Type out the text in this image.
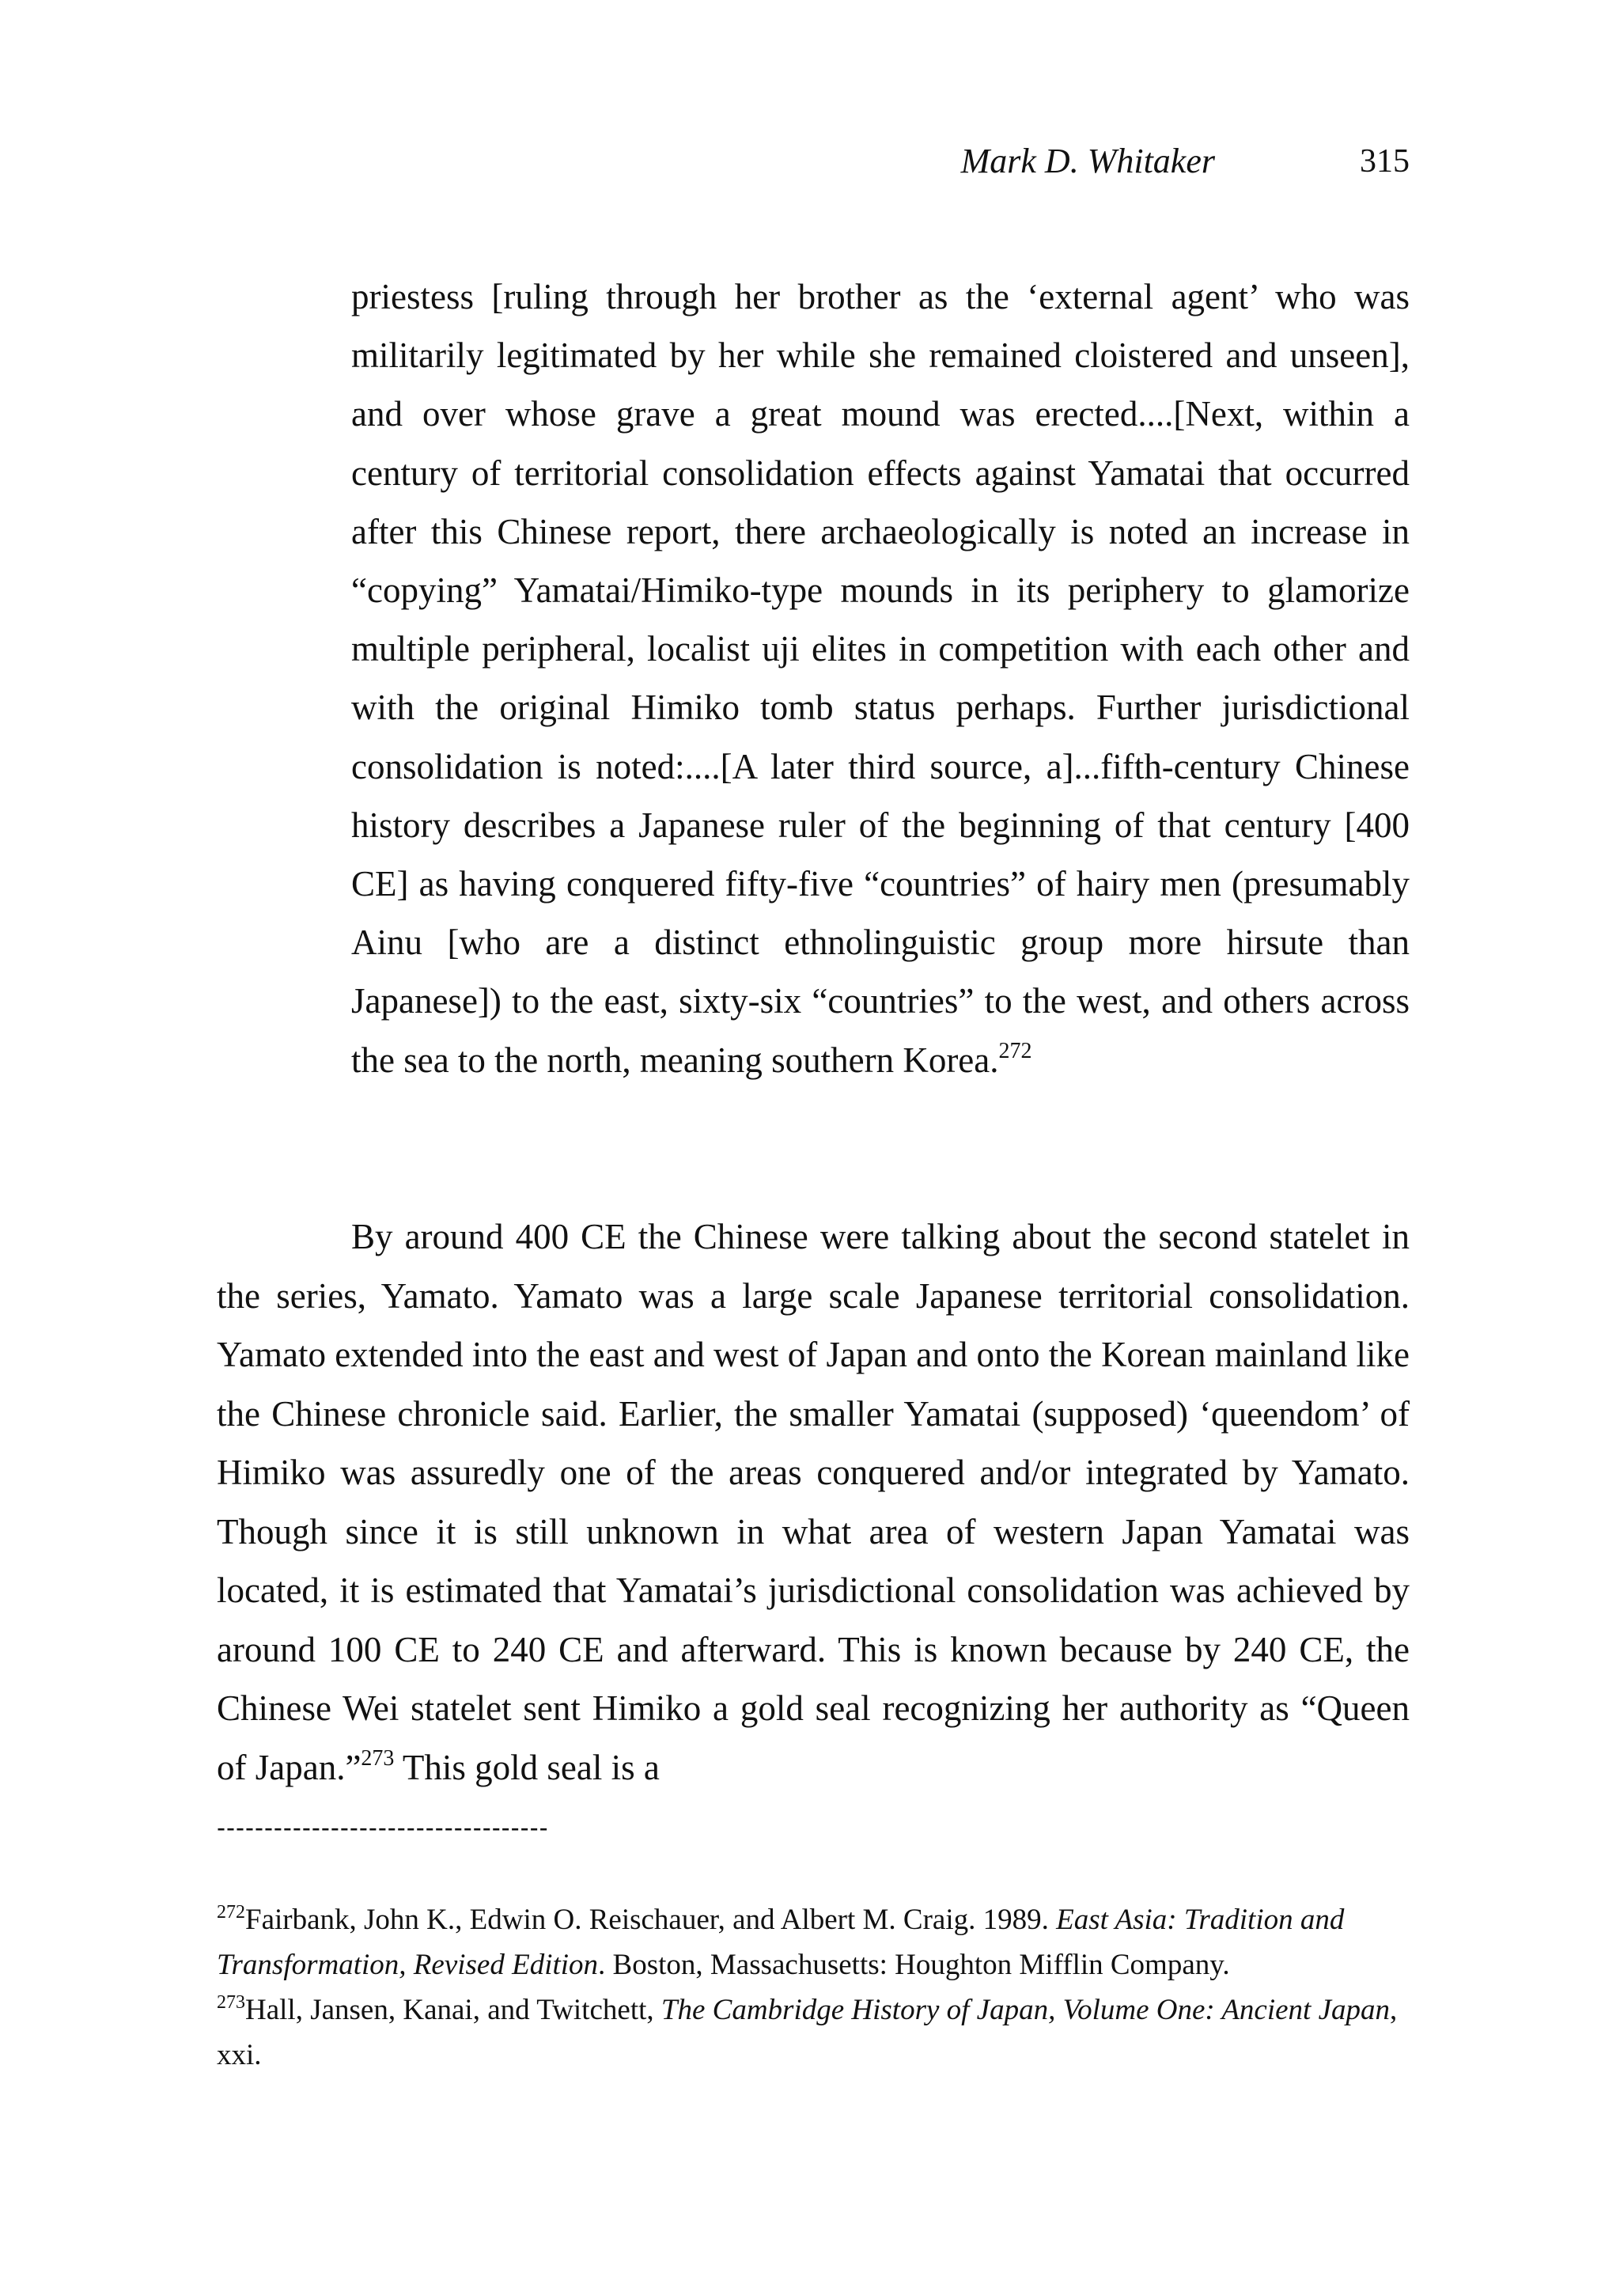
Mark D. Whitaker	315
priestess [ruling through her brother as the ‘external agent’ who was militarily legitimated by her while she remained cloistered and unseen], and over whose grave a great mound was erected....[Next, within a century of territorial consolidation effects against Yamatai that occurred after this Chinese report, there archaeologically is noted an increase in “copying” Yamatai/Himiko-type mounds in its periphery to glamorize multiple peripheral, localist uji elites in competition with each other and with the original Himiko tomb status perhaps. Further jurisdictional consolidation is noted:....[A later third source, a]...fifth-century Chinese history describes a Japanese ruler of the beginning of that century [400 CE] as having conquered fifty-five “countries” of hairy men (presumably Ainu [who are a distinct ethnolinguistic group more hirsute than Japanese]) to the east, sixty-six “countries” to the west, and others across the sea to the north, meaning southern Korea.$^{272}$
By around 400 CE the Chinese were talking about the second statelet in the series, Yamato. Yamato was a large scale Japanese territorial consolidation. Yamato extended into the east and west of Japan and onto the Korean mainland like the Chinese chronicle said. Earlier, the smaller Yamatai (supposed) ‘queendom’ of Himiko was assuredly one of the areas conquered and/or integrated by Yamato. Though since it is still unknown in what area of western Japan Yamatai was located, it is estimated that Yamatai’s jurisdictional consolidation was achieved by around 100 CE to 240 CE and afterward. This is known because by 240 CE, the Chinese Wei statelet sent Himiko a gold seal recognizing her authority as “Queen of Japan.”$^{273}$ This gold seal is a
-----------------------------------

$^{272}$Fairbank, John K., Edwin O. Reischauer, and Albert M. Craig. 1989. East Asia: Tradition and Transformation, Revised Edition. Boston, Massachusetts: Houghton Mifflin Company.

$^{273}$Hall, Jansen, Kanai, and Twitchett, The Cambridge History of Japan, Volume One: Ancient Japan, xxi.
